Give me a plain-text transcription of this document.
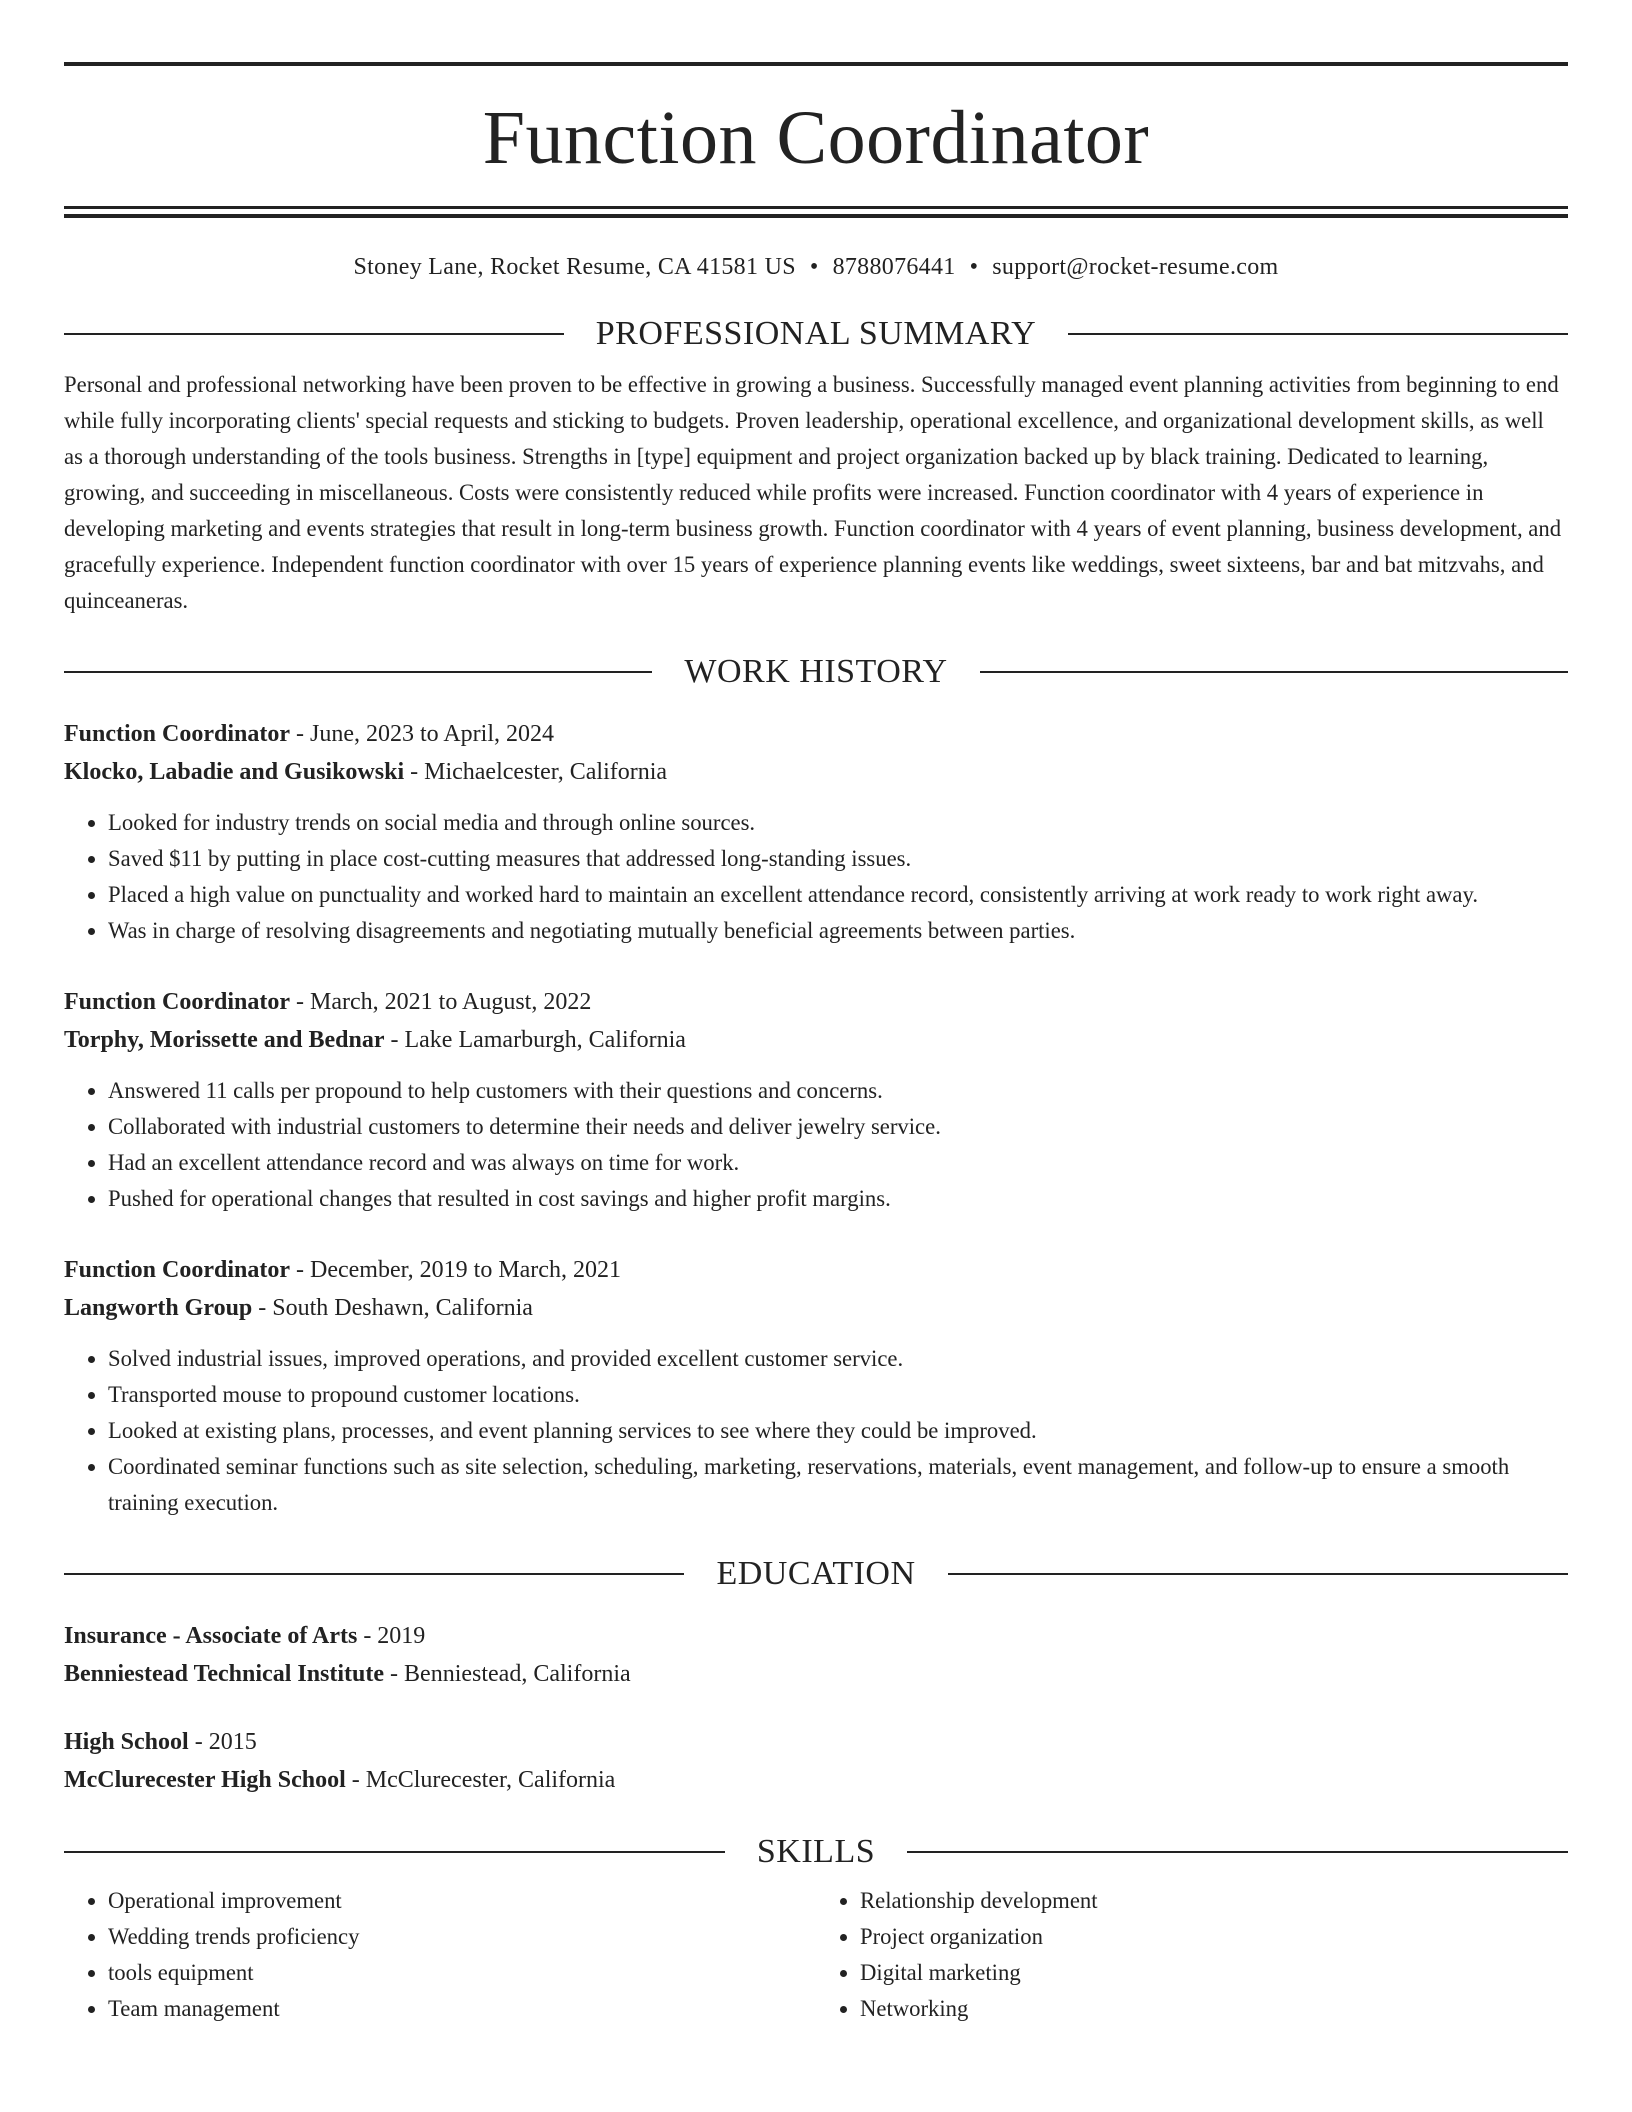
Function Coordinator
Stoney Lane, Rocket Resume, CA 41581 US • 8788076441 • support@rocket-resume.com
PROFESSIONAL SUMMARY
Personal and professional networking have been proven to be effective in growing a business. Successfully managed event planning activities from beginning to end while fully incorporating clients' special requests and sticking to budgets. Proven leadership, operational excellence, and organizational development skills, as well as a thorough understanding of the tools business. Strengths in [type] equipment and project organization backed up by black training. Dedicated to learning, growing, and succeeding in miscellaneous. Costs were consistently reduced while profits were increased. Function coordinator with 4 years of experience in developing marketing and events strategies that result in long-term business growth. Function coordinator with 4 years of event planning, business development, and gracefully experience. Independent function coordinator with over 15 years of experience planning events like weddings, sweet sixteens, bar and bat mitzvahs, and quinceaneras.
WORK HISTORY
Function Coordinator - June, 2023 to April, 2024
Klocko, Labadie and Gusikowski - Michaelcester, California
• Looked for industry trends on social media and through online sources.
• Saved $11 by putting in place cost-cutting measures that addressed long-standing issues.
• Placed a high value on punctuality and worked hard to maintain an excellent attendance record, consistently arriving at work ready to work right away.
• Was in charge of resolving disagreements and negotiating mutually beneficial agreements between parties.
Function Coordinator - March, 2021 to August, 2022
Torphy, Morissette and Bednar - Lake Lamarburgh, California
• Answered 11 calls per propound to help customers with their questions and concerns.
• Collaborated with industrial customers to determine their needs and deliver jewelry service.
• Had an excellent attendance record and was always on time for work.
• Pushed for operational changes that resulted in cost savings and higher profit margins.
Function Coordinator - December, 2019 to March, 2021
Langworth Group - South Deshawn, California
• Solved industrial issues, improved operations, and provided excellent customer service.
• Transported mouse to propound customer locations.
• Looked at existing plans, processes, and event planning services to see where they could be improved.
• Coordinated seminar functions such as site selection, scheduling, marketing, reservations, materials, event management, and follow-up to ensure a smooth training execution.
EDUCATION
Insurance - Associate of Arts - 2019
Benniestead Technical Institute - Benniestead, California
High School - 2015
McClurecester High School - McClurecester, California
SKILLS
• Operational improvement
• Wedding trends proficiency
• tools equipment
• Team management
• Relationship development
• Project organization
• Digital marketing
• Networking
